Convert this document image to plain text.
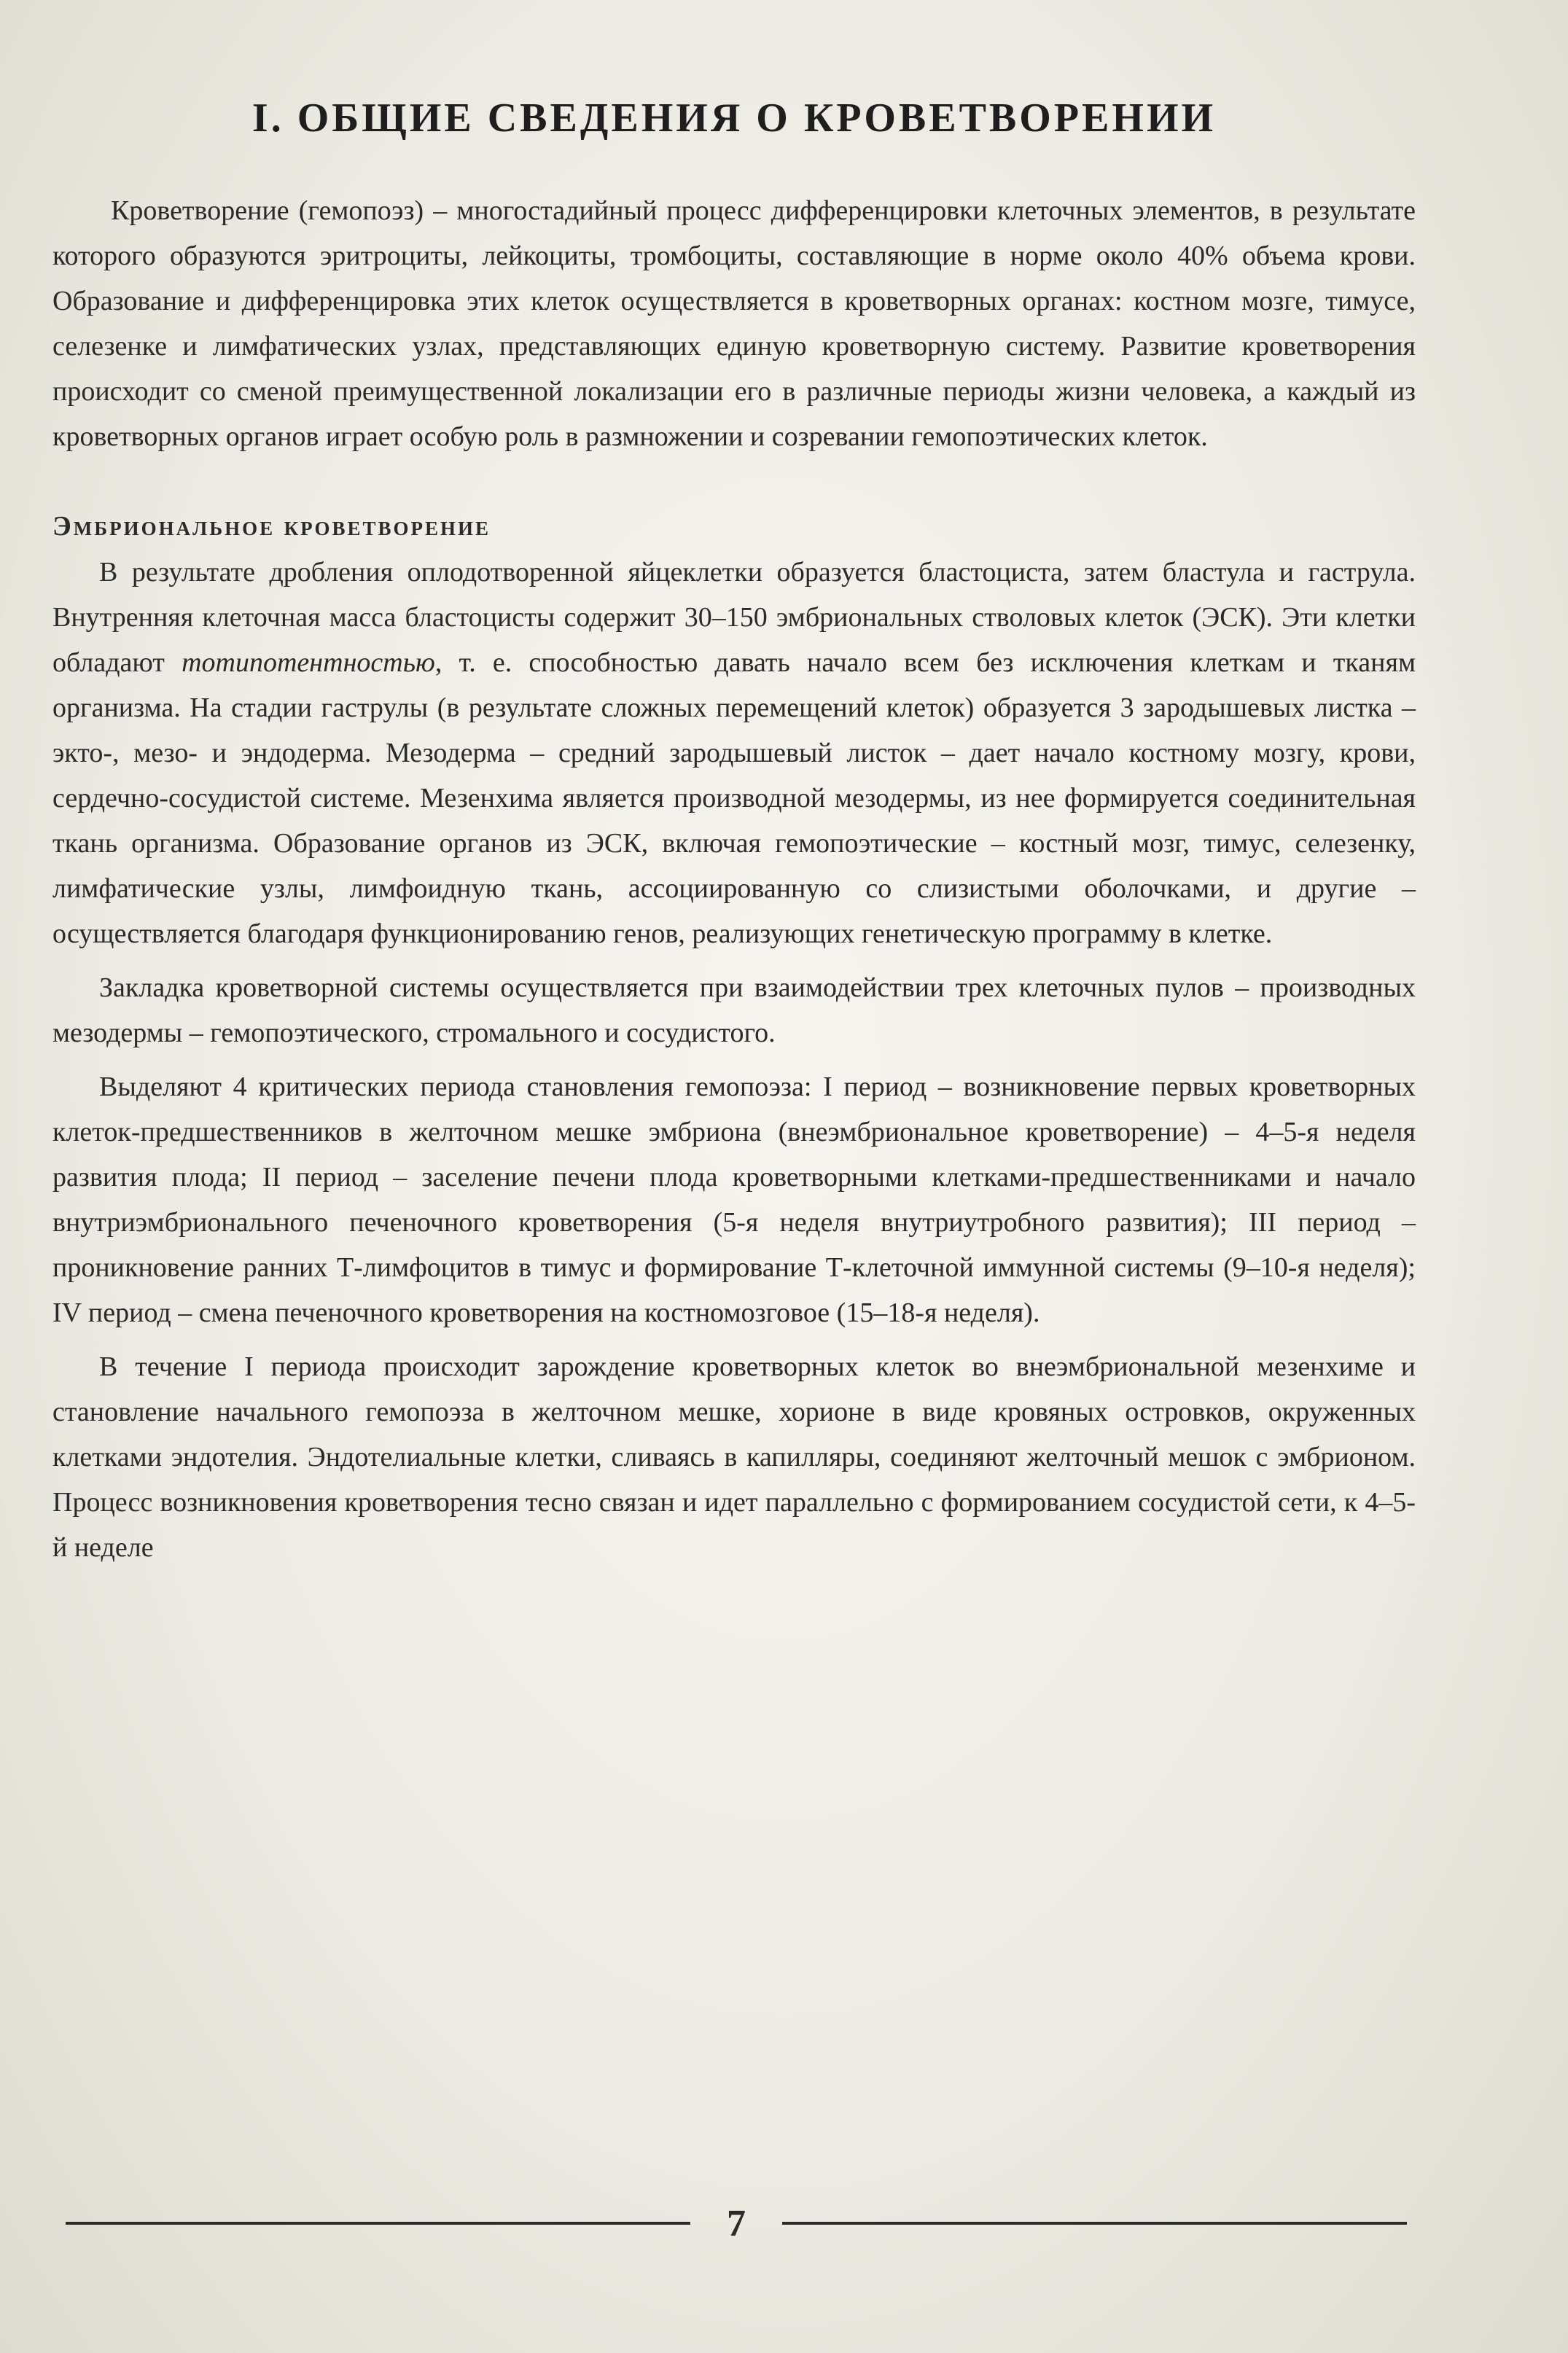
I. ОБЩИЕ СВЕДЕНИЯ О КРОВЕТВОРЕНИИ

Кроветворение (гемопоэз) – многостадийный процесс дифференцировки клеточных элементов, в результате которого образуются эритроциты, лейкоциты, тромбоциты, составляющие в норме около 40% объема крови. Образование и дифференцировка этих клеток осуществляется в кроветворных органах: костном мозге, тимусе, селезенке и лимфатических узлах, представляющих единую кроветворную систему. Развитие кроветворения происходит со сменой преимущественной локализации его в различные периоды жизни человека, а каждый из кроветворных органов играет особую роль в размножении и созревании гемопоэтических клеток.

Эмбриональное кроветворение

В результате дробления оплодотворенной яйцеклетки образуется бластоциста, затем бластула и гаструла. Внутренняя клеточная масса бластоцисты содержит 30–150 эмбриональных стволовых клеток (ЭСК). Эти клетки обладают тотипотентностью, т. е. способностью давать начало всем без исключения клеткам и тканям организма. На стадии гаструлы (в результате сложных перемещений клеток) образуется 3 зародышевых листка – экто-, мезо- и эндодерма. Мезодерма – средний зародышевый листок – дает начало костному мозгу, крови, сердечно-сосудистой системе. Мезенхима является производной мезодермы, из нее формируется соединительная ткань организма. Образование органов из ЭСК, включая гемопоэтические – костный мозг, тимус, селезенку, лимфатические узлы, лимфоидную ткань, ассоциированную со слизистыми оболочками, и другие – осуществляется благодаря функционированию генов, реализующих генетическую программу в клетке.

Закладка кроветворной системы осуществляется при взаимодействии трех клеточных пулов – производных мезодермы – гемопоэтического, стромального и сосудистого.

Выделяют 4 критических периода становления гемопоэза: I период – возникновение первых кроветворных клеток-предшественников в желточном мешке эмбриона (внеэмбриональное кроветворение) – 4–5-я неделя развития плода; II период – заселение печени плода кроветворными клетками-предшественниками и начало внутриэмбрионального печеночного кроветворения (5-я неделя внутриутробного развития); III период – проникновение ранних Т-лимфоцитов в тимус и формирование Т-клеточной иммунной системы (9–10-я неделя); IV период – смена печеночного кроветворения на костномозговое (15–18-я неделя).

В течение I периода происходит зарождение кроветворных клеток во внеэмбриональной мезенхиме и становление начального гемопоэза в желточном мешке, хорионе в виде кровяных островков, окруженных клетками эндотелия. Эндотелиальные клетки, сливаясь в капилляры, соединяют желточный мешок с эмбрионом. Процесс возникновения кроветворения тесно связан и идет параллельно с формированием сосудистой сети, к 4–5-й неделе

7
